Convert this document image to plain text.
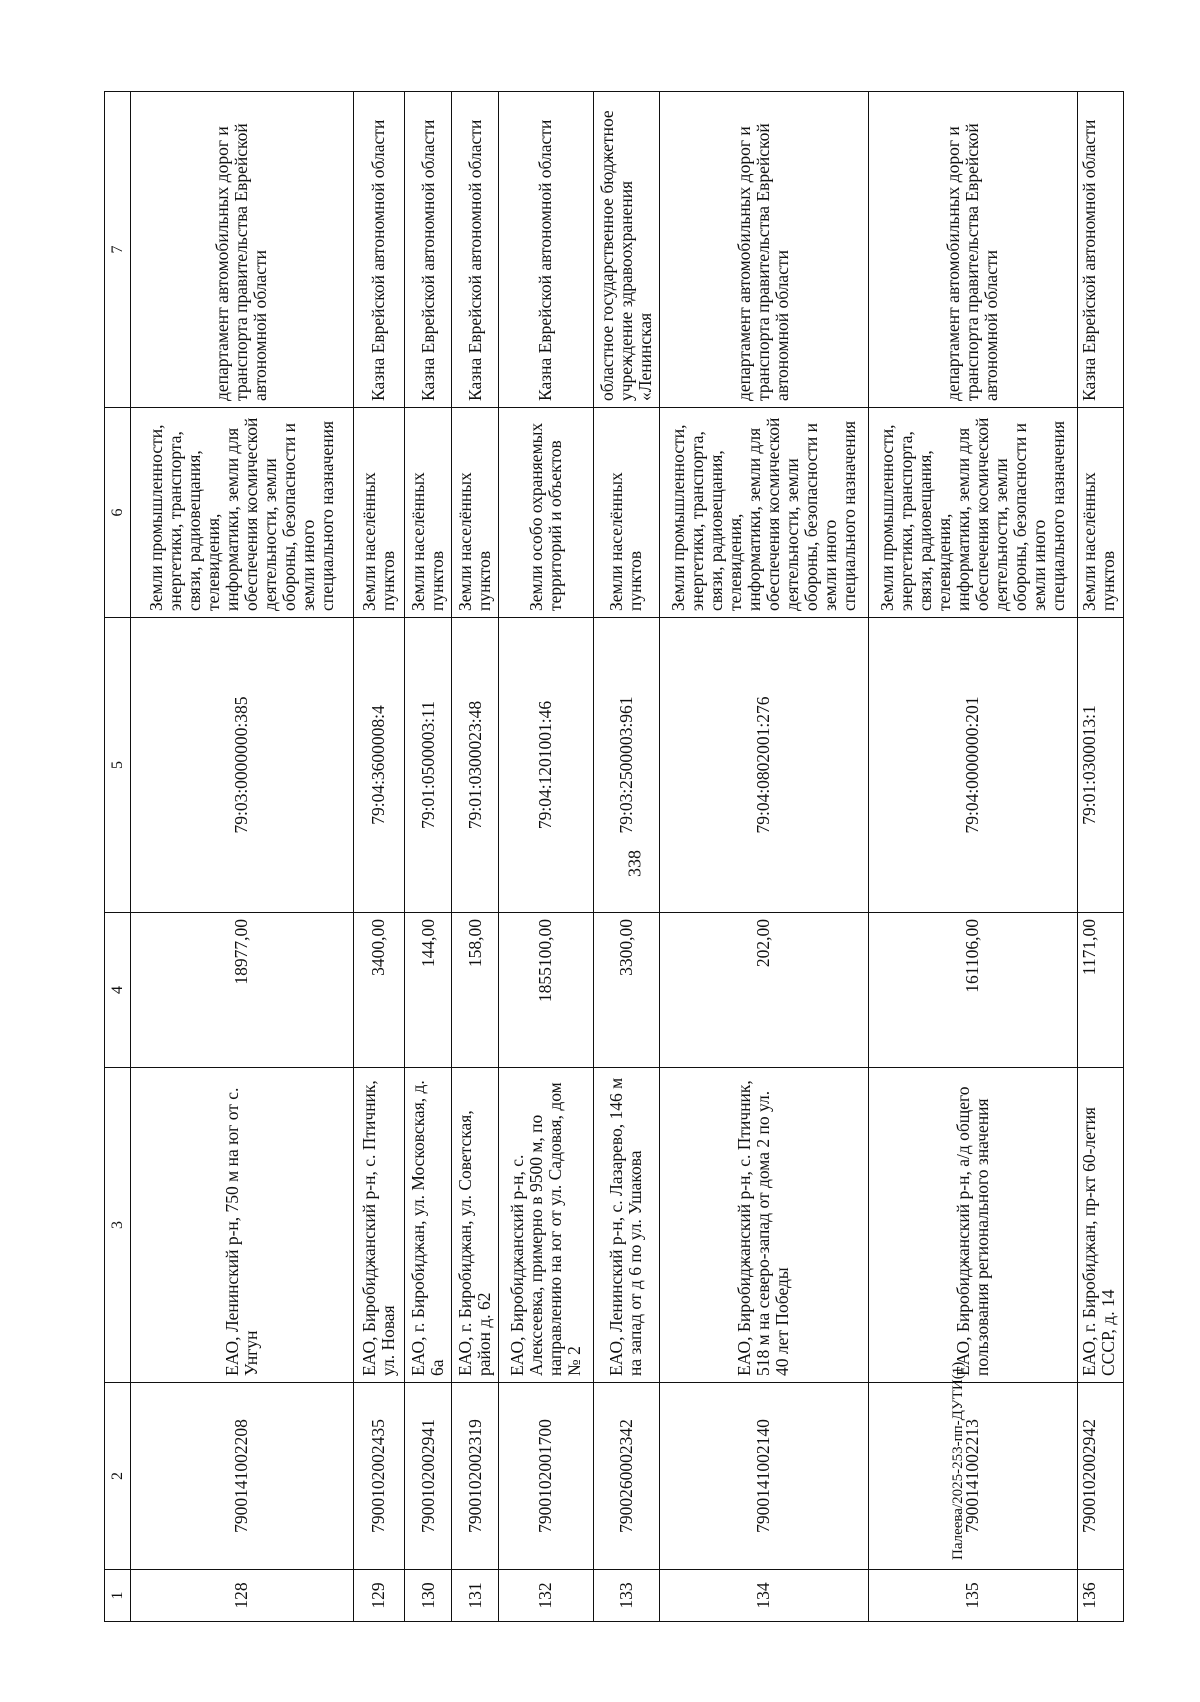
338
Палеева/2025-253-пп-ДУТИ(1)
1	2	3	4	5	6	7
128	7900141002208	ЕАО, Ленинский р-н, 750 м на юг от с. Унгун	18977,00	79:03:0000000:385	Земли промышленности, энергетики, транспорта, связи, радиовещания, телевидения, информатики, земли для обеспечения космической деятельности, земли обороны, безопасности и земли иного специального назначения	департамент автомобильных дорог и транспорта правительства Еврейской автономной области
129	7900102002435	ЕАО, Биробиджанский р-н, с. Птичник, ул. Новая	3400,00	79:04:3600008:4	Земли населённых пунктов	Казна Еврейской автономной области
130	7900102002941	ЕАО, г. Биробиджан, ул. Московская, д. 6а	144,00	79:01:0500003:11	Земли населённых пунктов	Казна Еврейской автономной области
131	7900102002319	ЕАО, г. Биробиджан, ул. Советская, район д. 62	158,00	79:01:0300023:48	Земли населённых пунктов	Казна Еврейской автономной области
132	7900102001700	ЕАО, Биробиджанский р-н, с. Алексеевка, примерно в 9500 м, по направлению на юг от ул. Садовая, дом № 2	1855100,00	79:04:1201001:46	Земли особо охраняемых территорий и объектов	Казна Еврейской автономной области
133	7900260002342	ЕАО, Ленинский р-н, с. Лазарево, 146 м на запад от д 6 по ул. Ушакова	3300,00	79:03:2500003:961	Земли населённых пунктов	областное государственное бюджетное учреждение здравоохранения «Ленинская
134	7900141002140	ЕАО, Биробиджанский р-н, с. Птичник, 518 м на северо-запад от дома 2 по ул. 40 лет Победы	202,00	79:04:0802001:276	Земли промышленности, энергетики, транспорта, связи, радиовещания, телевидения, информатики, земли для обеспечения космической деятельности, земли обороны, безопасности и земли иного специального назначения	департамент автомобильных дорог и транспорта правительства Еврейской автономной области
135	7900141002213	ЕАО, Биробиджанский р-н, а/д общего пользования регионального значения	161106,00	79:04:0000000:201	Земли промышленности, энергетики, транспорта, связи, радиовещания, телевидения, информатики, земли для обеспечения космической деятельности, земли обороны, безопасности и земли иного специального назначения	департамент автомобильных дорог и транспорта правительства Еврейской автономной области
136	7900102002942	ЕАО, г. Биробиджан, пр-кт 60-летия СССР, д. 14	1171,00	79:01:0300013:1	Земли населённых пунктов	Казна Еврейской автономной области
